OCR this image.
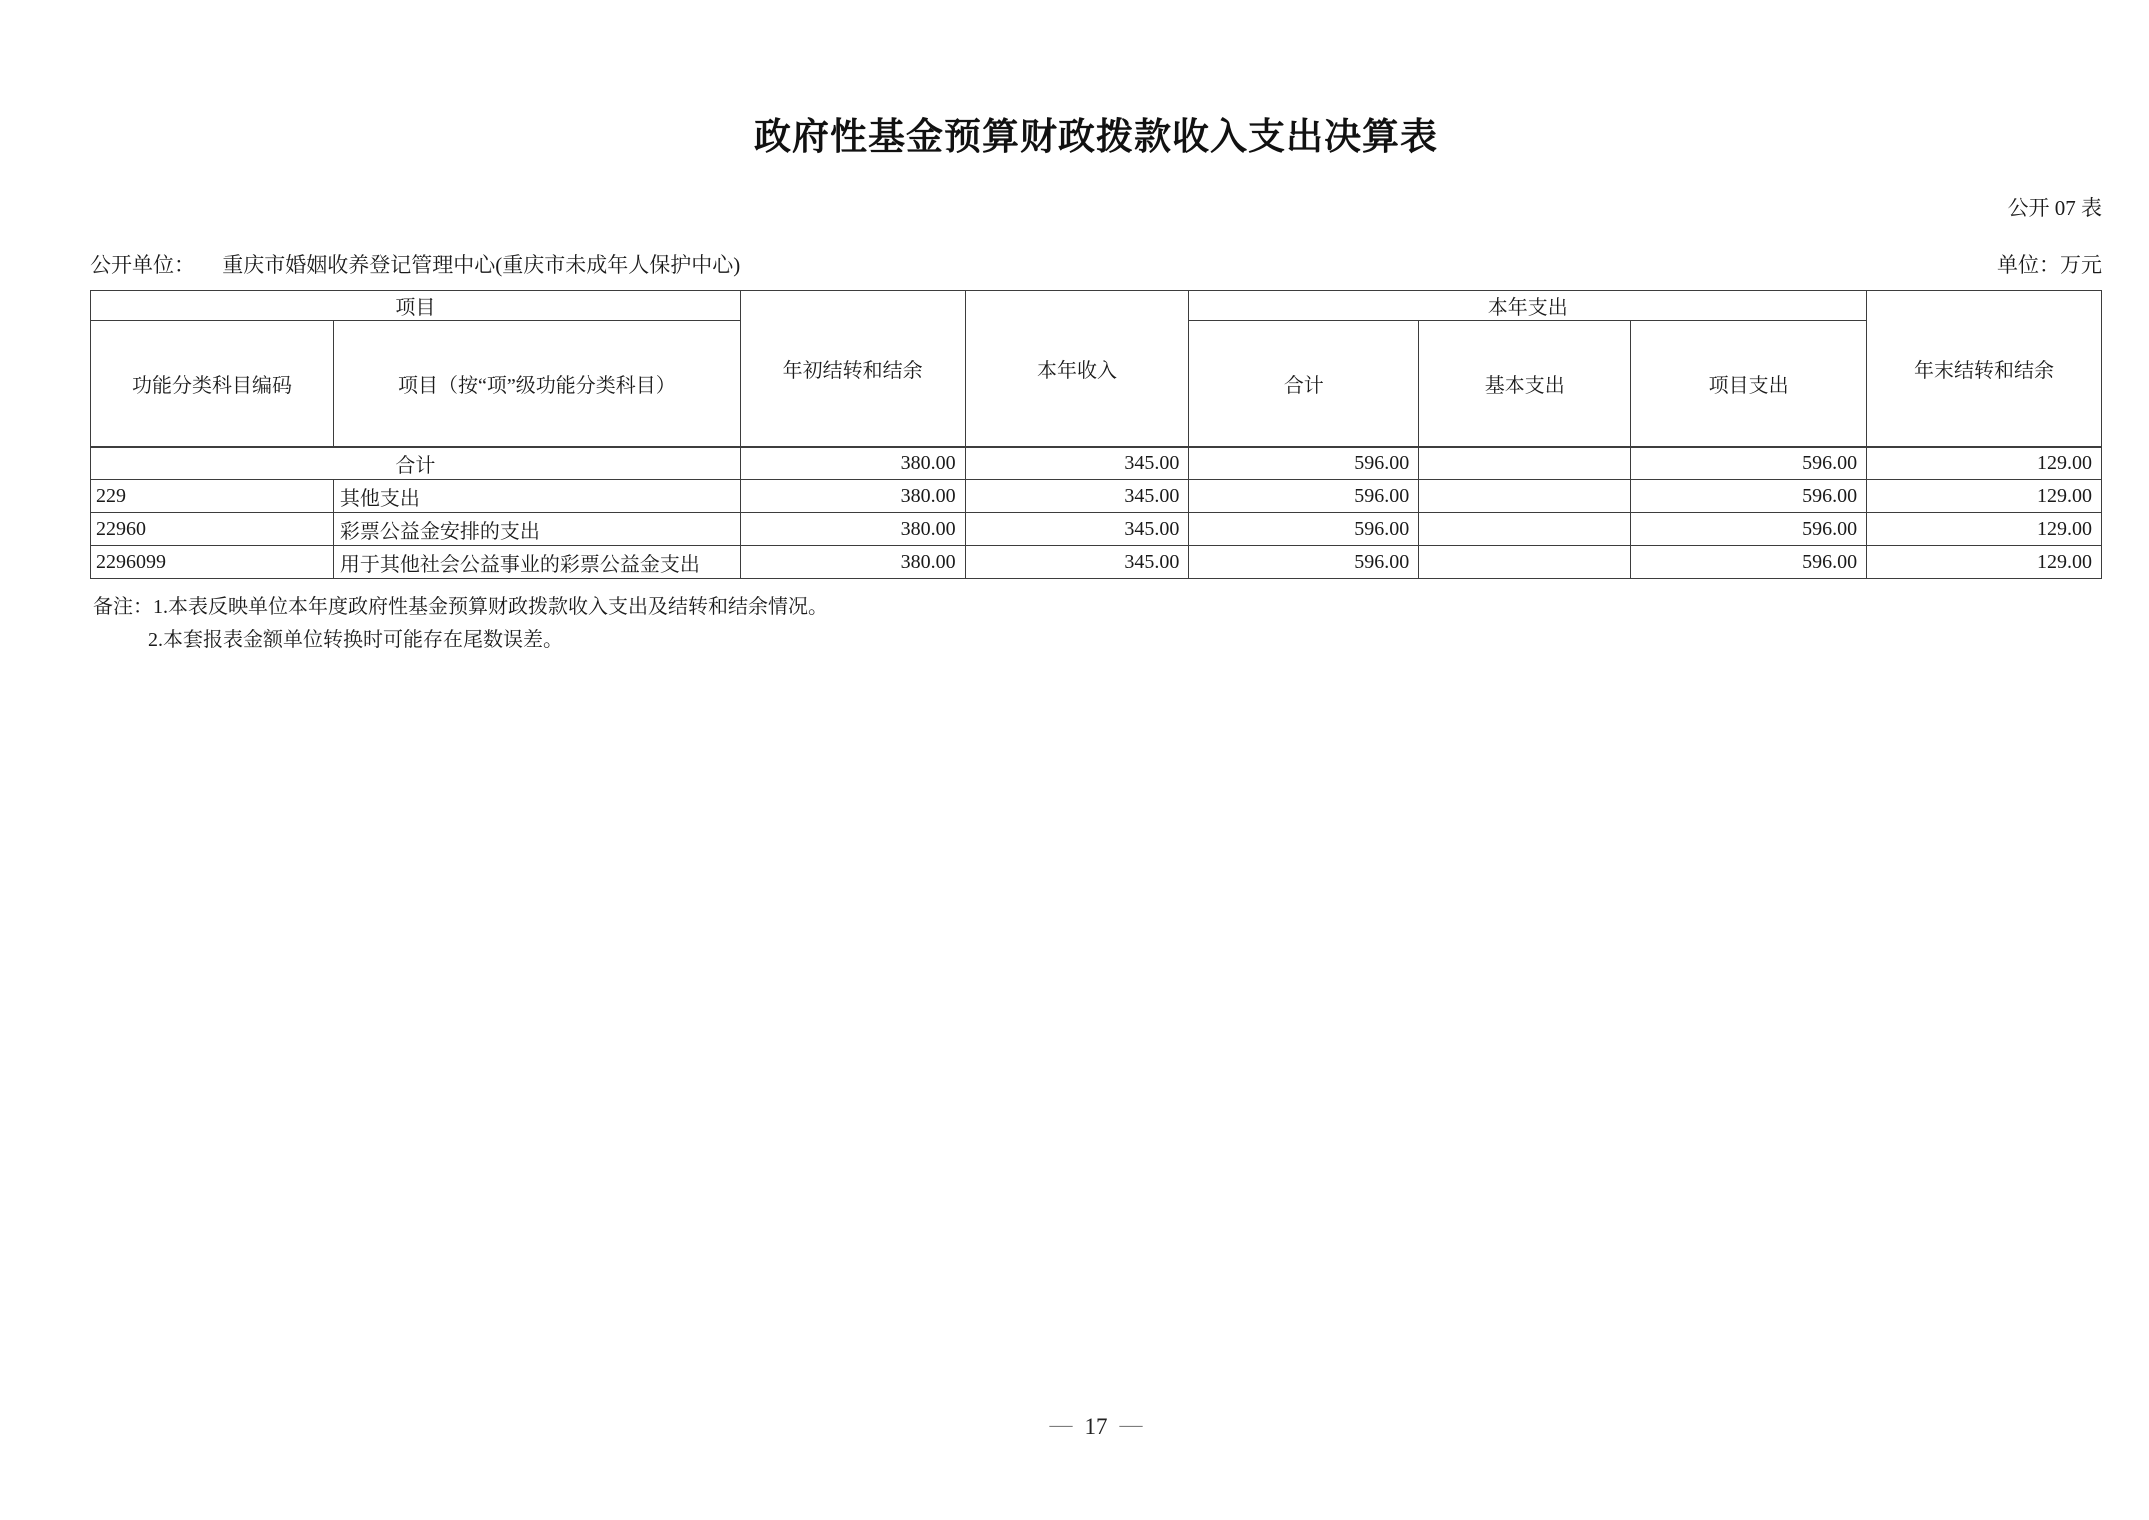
政府性基金预算财政拨款收入支出决算表
公开 07 表
公开单位： 重庆市婚姻收养登记管理中心(重庆市未成年人保护中心)	单位：万元
项目		年初结转和结余	本年收入	本年支出			年末结转和结余
功能分类科目编码	项目（按“项”级功能分类科目）			合计	基本支出	项目支出	
合计		380.00	345.00	596.00		596.00	129.00
229	其他支出	380.00	345.00	596.00		596.00	129.00
22960	彩票公益金安排的支出	380.00	345.00	596.00		596.00	129.00
2296099	用于其他社会公益事业的彩票公益金支出	380.00	345.00	596.00		596.00	129.00
备注：1.本表反映单位本年度政府性基金预算财政拨款收入支出及结转和结余情况。
2.本套报表金额单位转换时可能存在尾数误差。
— 17 —
